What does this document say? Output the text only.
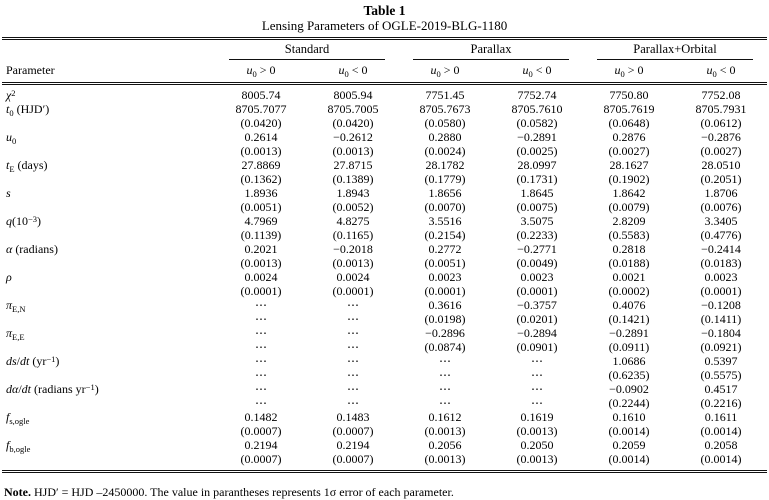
Table 1
Lensing Parameters of OGLE-2019-BLG-1180
Parameter	Standard		Parallax		Parallax+Orbital	

	$u_0 > 0$	$u_0 < 0$	$u_0 > 0$	$u_0 < 0$	$u_0 > 0$	$u_0 < 0$
$\chi^2$	8005.74	8005.94	7751.45	7752.74	7750.80	7752.08
$t_0$ (HJD′)	8705.7077	8705.7005	8705.7673	8705.7610	8705.7619	8705.7931
	(0.0420)	(0.0420)	(0.0580)	(0.0582)	(0.0648)	(0.0612)
$u_0$	0.2614	−0.2612	0.2880	−0.2891	0.2876	−0.2876
	(0.0013)	(0.0013)	(0.0024)	(0.0025)	(0.0027)	(0.0027)
$t_E$ (days)	27.8869	27.8715	28.1782	28.0997	28.1627	28.0510
	(0.1362)	(0.1389)	(0.1779)	(0.1731)	(0.1902)	(0.2051)
s	1.8936	1.8943	1.8656	1.8645	1.8642	1.8706
	(0.0051)	(0.0052)	(0.0070)	(0.0075)	(0.0079)	(0.0076)
$q(10^{-3})$	4.7969	4.8275	3.5516	3.5075	2.8209	3.3405
	(0.1139)	(0.1165)	(0.2154)	(0.2233)	(0.5583)	(0.4776)
α (radians)	0.2021	−0.2018	0.2772	−0.2771	0.2818	−0.2414
	(0.0013)	(0.0013)	(0.0051)	(0.0049)	(0.0188)	(0.0183)
ρ	0.0024	0.0024	0.0023	0.0023	0.0021	0.0023
	(0.0001)	(0.0001)	(0.0001)	(0.0001)	(0.0002)	(0.0001)
$\pi_{E,N}$	⋯	⋯	0.3616	−0.3757	0.4076	−0.1208
	⋯	⋯	(0.0198)	(0.0201)	(0.1421)	(0.1411)
$\pi_{E,E}$	⋯	⋯	−0.2896	−0.2894	−0.2891	−0.1804
	⋯	⋯	(0.0874)	(0.0901)	(0.0911)	(0.0921)
ds/dt $(yr^{-1})$	⋯	⋯	⋯	⋯	1.0686	0.5397
	⋯	⋯	⋯	⋯	(0.6235)	(0.5575)
dα/dt (radians $yr^{-1}$)	⋯	⋯	⋯	⋯	−0.0902	0.4517
	⋯	⋯	⋯	⋯	(0.2244)	(0.2216)
$f_{s,ogle}$	0.1482	0.1483	0.1612	0.1619	0.1610	0.1611
	(0.0007)	(0.0007)	(0.0013)	(0.0013)	(0.0014)	(0.0014)
$f_{b,ogle}$	0.2194	0.2194	0.2056	0.2050	0.2059	0.2058
	(0.0007)	(0.0007)	(0.0013)	(0.0013)	(0.0014)	(0.0014)
Note. HJD′ = HJD –2450000. The value in parantheses represents 1σ error of each parameter.
